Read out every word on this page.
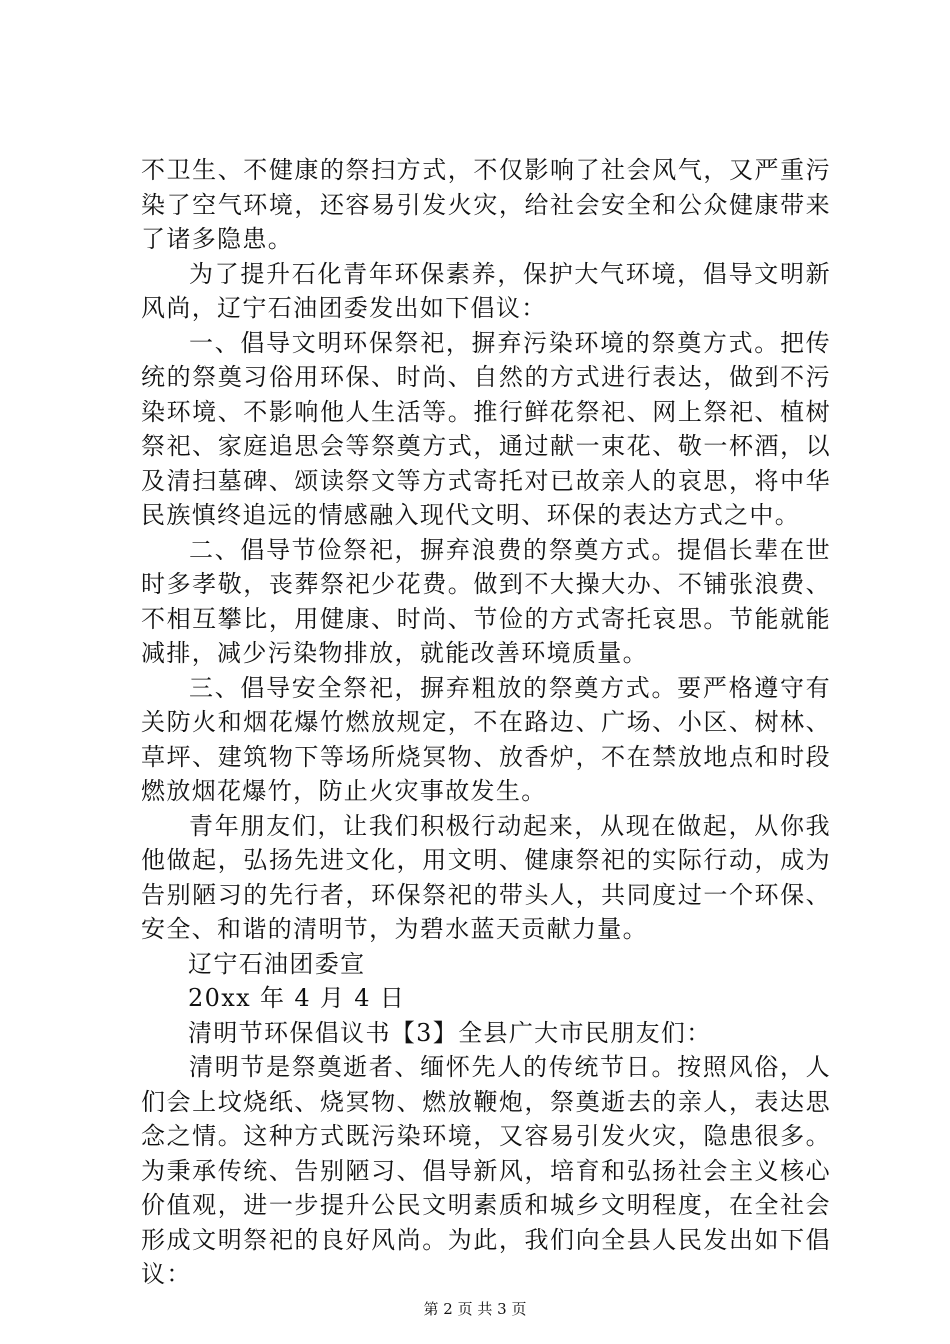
不卫生、不健康的祭扫方式，不仅影响了社会风气，又严重污染了空气环境，还容易引发火灾，给社会安全和公众健康带来了诸多隐患。

为了提升石化青年环保素养，保护大气环境，倡导文明新风尚，辽宁石油团委发出如下倡议：

一、倡导文明环保祭祀，摒弃污染环境的祭奠方式。把传统的祭奠习俗用环保、时尚、自然的方式进行表达，做到不污染环境、不影响他人生活等。推行鲜花祭祀、网上祭祀、植树祭祀、家庭追思会等祭奠方式，通过献一束花、敬一杯酒，以及清扫墓碑、颂读祭文等方式寄托对已故亲人的哀思，将中华民族慎终追远的情感融入现代文明、环保的表达方式之中。

二、倡导节俭祭祀，摒弃浪费的祭奠方式。提倡长辈在世时多孝敬，丧葬祭祀少花费。做到不大操大办、不铺张浪费、不相互攀比，用健康、时尚、节俭的方式寄托哀思。节能就能减排，减少污染物排放，就能改善环境质量。

三、倡导安全祭祀，摒弃粗放的祭奠方式。要严格遵守有关防火和烟花爆竹燃放规定，不在路边、广场、小区、树林、草坪、建筑物下等场所烧冥物、放香炉，不在禁放地点和时段燃放烟花爆竹，防止火灾事故发生。

青年朋友们，让我们积极行动起来，从现在做起，从你我他做起，弘扬先进文化，用文明、健康祭祀的实际行动，成为告别陋习的先行者，环保祭祀的带头人，共同度过一个环保、安全、和谐的清明节，为碧水蓝天贡献力量。

辽宁石油团委宣

20xx 年 4 月 4 日

清明节环保倡议书【3】全县广大市民朋友们：

清明节是祭奠逝者、缅怀先人的传统节日。按照风俗，人们会上坟烧纸、烧冥物、燃放鞭炮，祭奠逝去的亲人，表达思念之情。这种方式既污染环境，又容易引发火灾，隐患很多。为秉承传统、告别陋习、倡导新风，培育和弘扬社会主义核心价值观，进一步提升公民文明素质和城乡文明程度，在全社会形成文明祭祀的良好风尚。为此，我们向全县人民发出如下倡议：

第 2 页 共 3 页
